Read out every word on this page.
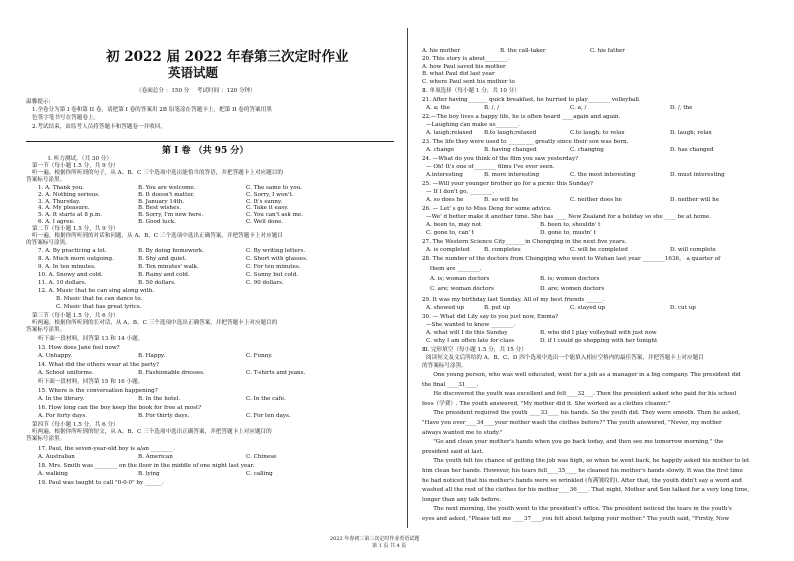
初 2022 届 2022 年春第三次定时作业
英语试题
（卷面总分 ：150 分　 考试时间 ：120 分钟）
温馨提示:
1.全卷分为第 I 卷和第 II 卷，请把第 I 卷的答案用 2B 铅笔涂在答题卡上，把第 II 卷的答案用黑
色签字笔书写在答题卷上。
2.考试结束，由监考人员将答题卡和答题卷一并收回。
第 Ⅰ 卷 （共 95 分）
Ⅰ. 听力测试。（共 30 分）
第一节（每小题 1.5 分，共 9 分）
听一遍。根据你所听到的句子，从 A、B、C 三个选项中选出能恰当的答语，并把答题卡上对应题目的
答案标号涂黑。
1. A. Thank you.	B. You are welcome.	C. The same to you.
2. A. Nothing serious.	B. It doesn't matter.	C. Sorry, I won't.
3. A. Thursday.	B. January 14th.	C. It's sunny.
4. A. My pleasure.	B. Best wishes.	C. Take it easy.
5. A. It starts at 8 p.m.	B. Sorry, I'm new here.	C. You can't ask me.
6. A. I agree.	B. Good luck.	C. Well done.
第二节（每小题 1.5 分，共 9 分）
听一遍。根据你所听到的对话和问题，从 A、B、C 三个选项中选出正确答案，并把答题卡上对应题目
的答案标号涂黑。
7. A. By practicing a lot.	B. By doing homework.	C. By writing letters.
8. A. Much more outgoing.	B. Shy and quiet.	C. Short with glasses.
9. A. In ten minutes.	B. Ten minutes' walk.	C. For ten minutes.
10. A. Snowy and cold.	B. Rainy and cold.	C. Sunny but cold.
11. A. 10 dollars.	B. 50 dollars.	C. 90 dollars.
12. A. Music that he can sing along with.
B. Music that he can dance to.
C. Music that has great lyrics.
第三节（每小题 1.5 分，共 6 分）
听两遍。根据你所听到的长对话，从 A、B、C 三个选项中选出正确答案，并把答题卡上对应题目的
答案标号涂黑。
听下面一段材料，回答第 13 和 14 小题。
13. How does Jane feel now?
A. Unhappy.	B. Happy.	C. Funny.
14. What did the others wear at the party?
A. School uniforms.	B. Fashionable dresses.	C. T-shirts and jeans.
听下面一段材料，回答第 15 和 16 小题。
15. Where is the conversation happening?
A. In the library.	B. In the hotel.	C. In the cafe.
16. How long can the boy keep the book for free at most?
A. For forty days.	B. For thirty days.	C. For ten days.
第四节（每小题 1.5 分，共 6 分）
听两遍。根据你所听到的短文，从 A、B、C 三个选项中选出正确答案，并把答题卡上对应题目的
答案标号涂黑。
17. Paul, the seven-year-old boy is a/an ________.
A. Australian	B. American	C. Chinese
18. Mrs. Smith was ________ on the floor in the middle of one night last year.
A. walking	B. lying	C. calling
19. Paul was taught to call "0-0-0" by ______.
A. his mother	B. the call-taker	C. his father
20. This story is about________.
A. how Paul saved his mother
B. what Paul did last year
C. where Paul sent his mother to
Ⅱ. 单项选择（每小题 1 分，共 10 分）
21. After having_______ quick breakfast, he hurried to play________ volleyball.
A. a; the	B. /, /	C. a, /	D. /, the
22.—The boy lives a happy life, he is often heard ____again and again.
—Laughing can make us________.
A. laugh;relaxed B.to laugh;relaxed	C.to laugh; to relax	D. laugh; relax
23. The life they were used to _________ greatly since their son was born.
A. change	B. having changed	C. changing	D. has changed
24. —What do you think of the film you saw yesterday?
— Oh! It's one of________ films I've ever seen.
A.interesting	B. more interesting	C. the most interesting	D. must interesting
25. —Will your younger brother go for a picnic this Sunday?
— If I don't go, ________.
A. so does he	B. so will he	C. neither does he	D. neither will he
26. — Let' s go to Miss Deng for some advice.
—We' d better make it another time. She has ____ New Zealand for a holiday so she ____ be at home.
A. been to, may not	B. been to, shouldn' t
C. gone to, can' t	D. gone to, mustn' t
27. The Western Science City_______in Chongqing in the next five years.
A. is completed	B. completes	C. will be completed	D. will complete
28. The number of the doctors from Chongqing who went to Wuhan last year ________1636， a quarter of
them are ________.
A. is; woman doctors	B. is; women doctors
C. are; woman doctors	D. are; women doctors
29. It was my birthday last Sunday. All of my best friends ______.
A. showed up	B. put up	C. stayed up	D. cut up
30. — What did Lily say to you just now, Emma?
—She wanted to know ________.
A. what will I do this Sunday	B. who did I play volleyball with just now
C. why I am often late for class	D. if I could go shopping with her tonight
Ⅲ. 完形填空（每小题 1.5 分，共 15 分）
阅读短文及文后所给的 A、B、C、D 四个选项中选出一个能填入相应空格内的最佳答案，并把答题卡上对应题目
的答案标号涂黑。
　　One young person, who was well educated, went for a job as a manager in a big company. The president did
the final ____31____.
　　He discovered the youth was excellent and felt____32___. Then the president asked who paid for his school
fees（学费）. The youth answered, "My mother did it. She worked as a clothes cleaner."
　　The president required the youth ____33____ his hands. So the youth did. They were smooth. Then he asked,
"Have you ever____34____your mother wash the clothes before?" The youth answered, "Never, my mother
always wanted me to study."
　　"Go and clean your mother's hands when you go back today, and then see me tomorrow morning," the
president said at last.
　　The youth felt his chance of getting the job was high, so when he went back, he happily asked his mother to let
him clean her hands. However, his tears fell____35____ he cleaned his mother's hands slowly. It was the first time
he had noticed that his mother's hands were so wrinkled (布满皱纹的). After that, the youth didn't say a word and
washed all the rest of the clothes for his mother____36____. That night, Mother and Son talked for a very long time,
longer than any talk before.
　　The next morning, the youth went to the president's office. The president noticed the tears in the youth's
eyes and asked, "Please tell me ____37____you felt about helping your mother." The youth said, "Firstly, Now
2022 年春初三第三次定时作业英语试题
第 1 页 共 4 页
